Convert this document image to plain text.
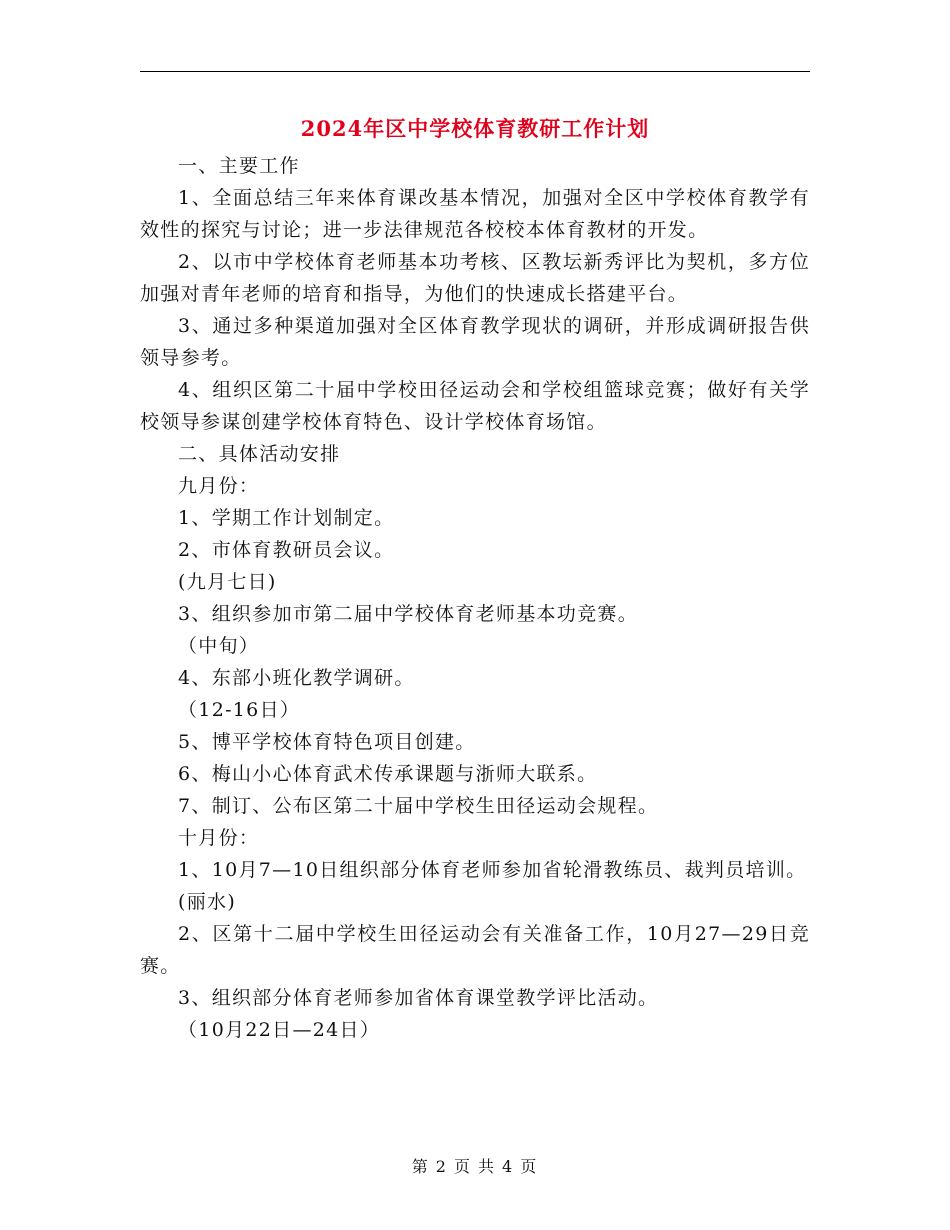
2024年区中学校体育教研工作计划

一、主要工作

1、全面总结三年来体育课改基本情况，加强对全区中学校体育教学有效性的探究与讨论；进一步法律规范各校校本体育教材的开发。

2、以市中学校体育老师基本功考核、区教坛新秀评比为契机，多方位加强对青年老师的培育和指导，为他们的快速成长搭建平台。

3、通过多种渠道加强对全区体育教学现状的调研，并形成调研报告供领导参考。

4、组织区第二十届中学校田径运动会和学校组篮球竞赛；做好有关学校领导参谋创建学校体育特色、设计学校体育场馆。

二、具体活动安排

九月份：

1、学期工作计划制定。

2、市体育教研员会议。

(九月七日)

3、组织参加市第二届中学校体育老师基本功竞赛。

（中旬）

4、东部小班化教学调研。

（12-16日）

5、博平学校体育特色项目创建。

6、梅山小心体育武术传承课题与浙师大联系。

7、制订、公布区第二十届中学校生田径运动会规程。

十月份：

1、10月7—10日组织部分体育老师参加省轮滑教练员、裁判员培训。

(丽水)

2、区第十二届中学校生田径运动会有关准备工作，10月27—29日竞赛。

3、组织部分体育老师参加省体育课堂教学评比活动。

（10月22日—24日）

第 2 页 共 4 页
